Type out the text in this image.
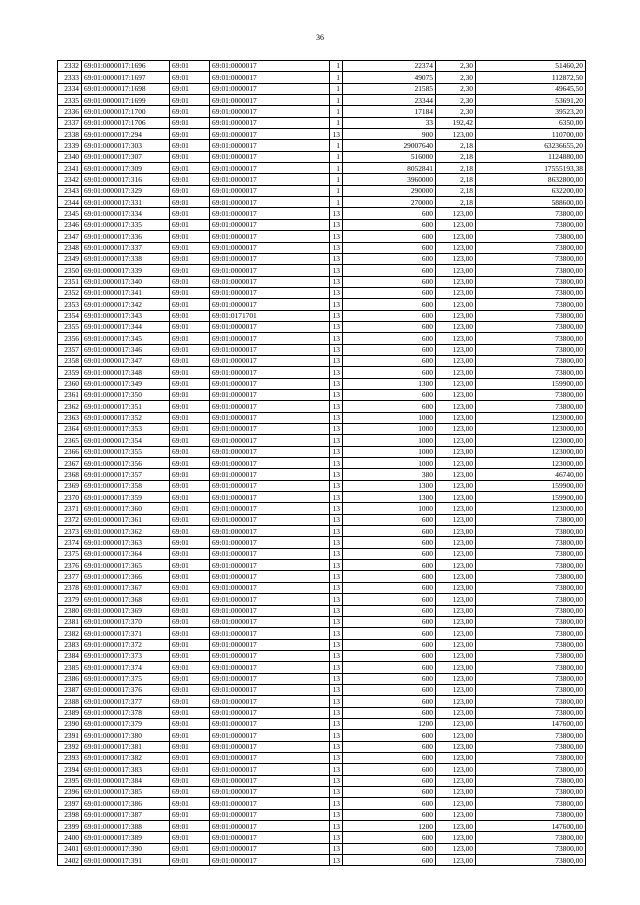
36
2332	69:01:0000017:1696	69:01	69:01:0000017	1	22374	2,30	51460,20
2333	69:01:0000017:1697	69:01	69:01:0000017	1	49075	2,30	112872,50
2334	69:01:0000017:1698	69:01	69:01:0000017	1	21585	2,30	49645,50
2335	69:01:0000017:1699	69:01	69:01:0000017	1	23344	2,30	53691,20
2336	69:01:0000017:1700	69:01	69:01:0000017	1	17184	2,30	39523,20
2337	69:01:0000017:1706	69:01	69:01:0000017	1	33	192,42	6350,00
2338	69:01:0000017:294	69:01	69:01:0000017	13	900	123,00	110700,00
2339	69:01:0000017:303	69:01	69:01:0000017	1	29007640	2,18	63236655,20
2340	69:01:0000017:307	69:01	69:01:0000017	1	516000	2,18	1124880,00
2341	69:01:0000017:309	69:01	69:01:0000017	1	8052841	2,18	17555193,38
2342	69:01:0000017:316	69:01	69:01:0000017	1	3960000	2,18	8632800,00
2343	69:01:0000017:329	69:01	69:01:0000017	1	290000	2,18	632200,00
2344	69:01:0000017:331	69:01	69:01:0000017	1	270000	2,18	588600,00
2345	69:01:0000017:334	69:01	69:01:0000017	13	600	123,00	73800,00
2346	69:01:0000017:335	69:01	69:01:0000017	13	600	123,00	73800,00
2347	69:01:0000017:336	69:01	69:01:0000017	13	600	123,00	73800,00
2348	69:01:0000017:337	69:01	69:01:0000017	13	600	123,00	73800,00
2349	69:01:0000017:338	69:01	69:01:0000017	13	600	123,00	73800,00
2350	69:01:0000017:339	69:01	69:01:0000017	13	600	123,00	73800,00
2351	69:01:0000017:340	69:01	69:01:0000017	13	600	123,00	73800,00
2352	69:01:0000017:341	69:01	69:01:0000017	13	600	123,00	73800,00
2353	69:01:0000017:342	69:01	69:01:0000017	13	600	123,00	73800,00
2354	69:01:0000017:343	69:01	69:01:0171701	13	600	123,00	73800,00
2355	69:01:0000017:344	69:01	69:01:0000017	13	600	123,00	73800,00
2356	69:01:0000017:345	69:01	69:01:0000017	13	600	123,00	73800,00
2357	69:01:0000017:346	69:01	69:01:0000017	13	600	123,00	73800,00
2358	69:01:0000017:347	69:01	69:01:0000017	13	600	123,00	73800,00
2359	69:01:0000017:348	69:01	69:01:0000017	13	600	123,00	73800,00
2360	69:01:0000017:349	69:01	69:01:0000017	13	1300	123,00	159900,00
2361	69:01:0000017:350	69:01	69:01:0000017	13	600	123,00	73800,00
2362	69:01:0000017:351	69:01	69:01:0000017	13	600	123,00	73800,00
2363	69:01:0000017:352	69:01	69:01:0000017	13	1000	123,00	123000,00
2364	69:01:0000017:353	69:01	69:01:0000017	13	1000	123,00	123000,00
2365	69:01:0000017:354	69:01	69:01:0000017	13	1000	123,00	123000,00
2366	69:01:0000017:355	69:01	69:01:0000017	13	1000	123,00	123000,00
2367	69:01:0000017:356	69:01	69:01:0000017	13	1000	123,00	123000,00
2368	69:01:0000017:357	69:01	69:01:0000017	13	380	123,00	46740,00
2369	69:01:0000017:358	69:01	69:01:0000017	13	1300	123,00	159900,00
2370	69:01:0000017:359	69:01	69:01:0000017	13	1300	123,00	159900,00
2371	69:01:0000017:360	69:01	69:01:0000017	13	1000	123,00	123000,00
2372	69:01:0000017:361	69:01	69:01:0000017	13	600	123,00	73800,00
2373	69:01:0000017:362	69:01	69:01:0000017	13	600	123,00	73800,00
2374	69:01:0000017:363	69:01	69:01:0000017	13	600	123,00	73800,00
2375	69:01:0000017:364	69:01	69:01:0000017	13	600	123,00	73800,00
2376	69:01:0000017:365	69:01	69:01:0000017	13	600	123,00	73800,00
2377	69:01:0000017:366	69:01	69:01:0000017	13	600	123,00	73800,00
2378	69:01:0000017:367	69:01	69:01:0000017	13	600	123,00	73800,00
2379	69:01:0000017:368	69:01	69:01:0000017	13	600	123,00	73800,00
2380	69:01:0000017:369	69:01	69:01:0000017	13	600	123,00	73800,00
2381	69:01:0000017:370	69:01	69:01:0000017	13	600	123,00	73800,00
2382	69:01:0000017:371	69:01	69:01:0000017	13	600	123,00	73800,00
2383	69:01:0000017:372	69:01	69:01:0000017	13	600	123,00	73800,00
2384	69:01:0000017:373	69:01	69:01:0000017	13	600	123,00	73800,00
2385	69:01:0000017:374	69:01	69:01:0000017	13	600	123,00	73800,00
2386	69:01:0000017:375	69:01	69:01:0000017	13	600	123,00	73800,00
2387	69:01:0000017:376	69:01	69:01:0000017	13	600	123,00	73800,00
2388	69:01:0000017:377	69:01	69:01:0000017	13	600	123,00	73800,00
2389	69:01:0000017:378	69:01	69:01:0000017	13	600	123,00	73800,00
2390	69:01:0000017:379	69:01	69:01:0000017	13	1200	123,00	147600,00
2391	69:01:0000017:380	69:01	69:01:0000017	13	600	123,00	73800,00
2392	69:01:0000017:381	69:01	69:01:0000017	13	600	123,00	73800,00
2393	69:01:0000017:382	69:01	69:01:0000017	13	600	123,00	73800,00
2394	69:01:0000017:383	69:01	69:01:0000017	13	600	123,00	73800,00
2395	69:01:0000017:384	69:01	69:01:0000017	13	600	123,00	73800,00
2396	69:01:0000017:385	69:01	69:01:0000017	13	600	123,00	73800,00
2397	69:01:0000017:386	69:01	69:01:0000017	13	600	123,00	73800,00
2398	69:01:0000017:387	69:01	69:01:0000017	13	600	123,00	73800,00
2399	69:01:0000017:388	69:01	69:01:0000017	13	1200	123,00	147600,00
2400	69:01:0000017:389	69:01	69:01:0000017	13	600	123,00	73800,00
2401	69:01:0000017:390	69:01	69:01:0000017	13	600	123,00	73800,00
2402	69:01:0000017:391	69:01	69:01:0000017	13	600	123,00	73800,00
